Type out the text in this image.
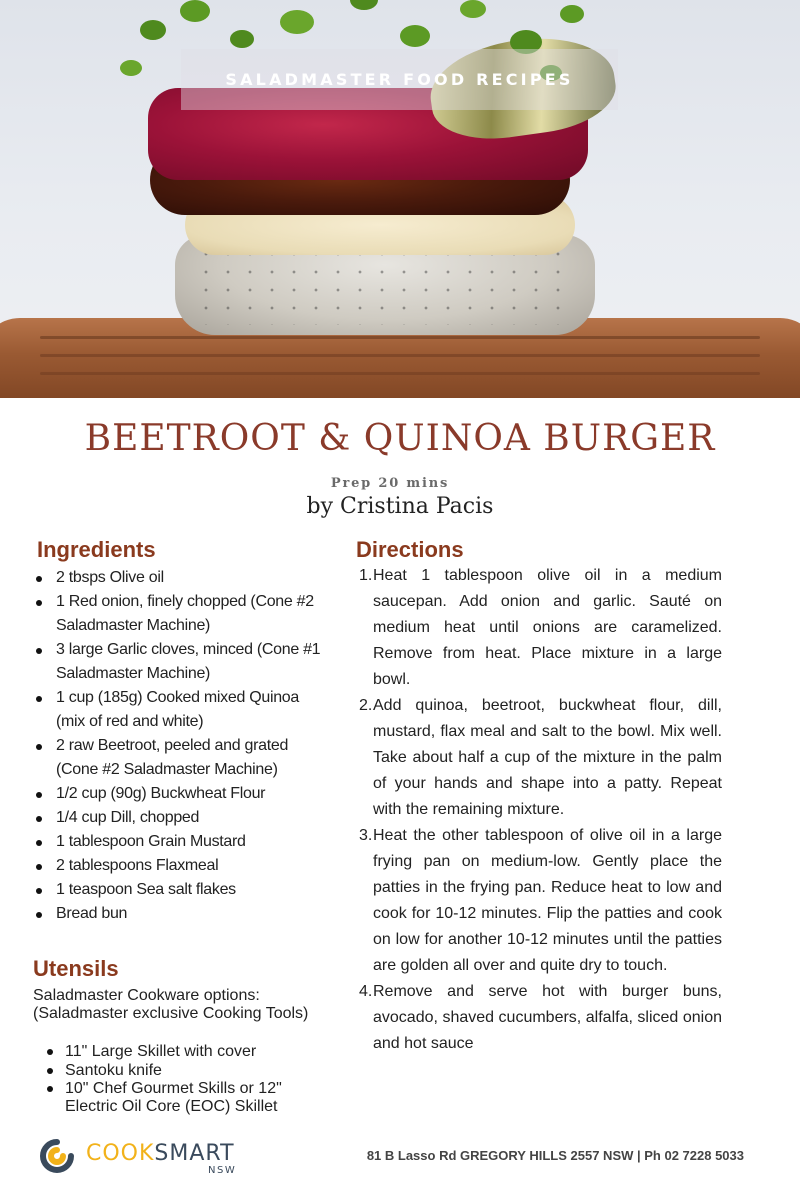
SALADMASTER FOOD RECIPES
BEETROOT & QUINOA BURGER
Prep 20 mins
by Cristina Pacis
Ingredients
2 tbsps Olive oil
1 Red onion, finely chopped (Cone #2 Saladmaster Machine)
3 large Garlic cloves, minced (Cone #1 Saladmaster Machine)
1 cup (185g) Cooked mixed Quinoa (mix of red and white)
2 raw Beetroot, peeled and grated (Cone #2 Saladmaster Machine)
1/2 cup (90g) Buckwheat Flour
1/4 cup Dill, chopped
1 tablespoon Grain Mustard
2 tablespoons Flaxmeal
1 teaspoon Sea salt flakes
Bread bun
Utensils
Saladmaster Cookware options: (Saladmaster exclusive Cooking Tools)
11" Large Skillet with cover
Santoku knife
10" Chef Gourmet Skills or 12" Electric Oil Core (EOC) Skillet
Directions
1. Heat 1 tablespoon olive oil in a medium saucepan. Add onion and garlic. Sauté on medium heat until onions are caramelized. Remove from heat. Place mixture in a large bowl.
2. Add quinoa, beetroot, buckwheat flour, dill, mustard, flax meal and salt to the bowl. Mix well. Take about half a cup of the mixture in the palm of your hands and shape into a patty. Repeat with the remaining mixture.
3. Heat the other tablespoon of olive oil in a large frying pan on medium-low. Gently place the patties in the frying pan. Reduce heat to low and cook for 10-12 minutes. Flip the patties and cook on low for another 10-12 minutes until the patties are golden all over and quite dry to touch.
4. Remove and serve hot with burger buns, avocado, shaved cucumbers, alfalfa, sliced onion and hot sauce
COOKSMART
NSW
81 B Lasso Rd GREGORY HILLS 2557 NSW | Ph 02 7228 5033
